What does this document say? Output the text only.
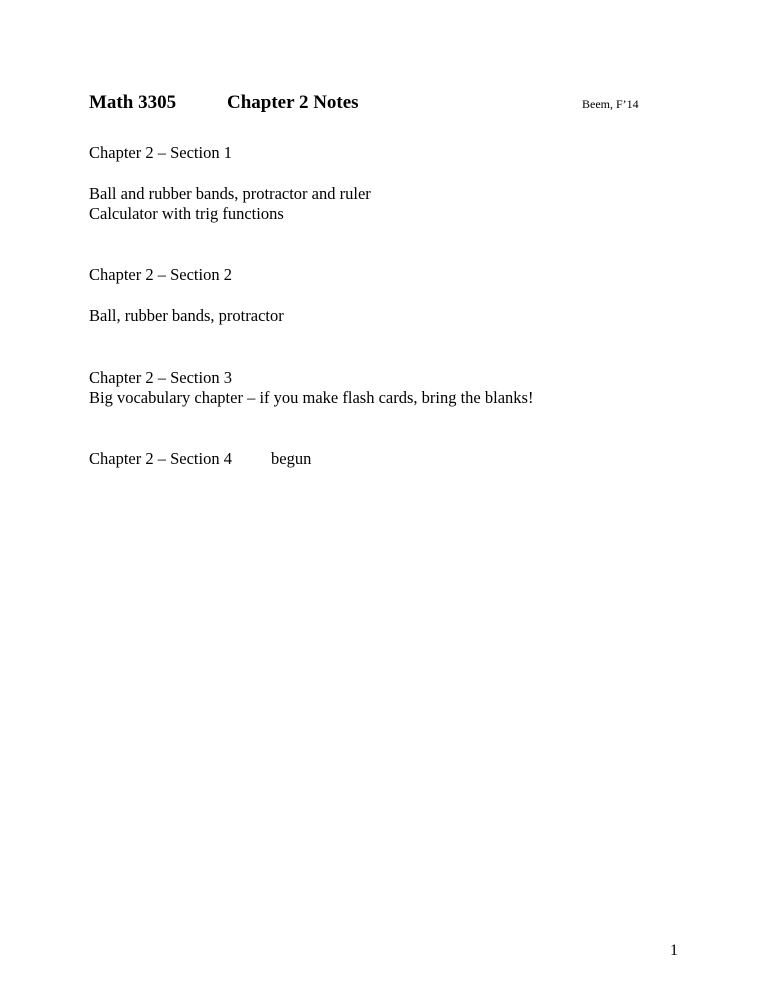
Math 3305	Chapter 2 Notes	Beem, F’14
Chapter 2 – Section 1
Ball and rubber bands, protractor and ruler
Calculator with trig functions
Chapter 2 – Section 2
Ball, rubber bands, protractor
Chapter 2 – Section 3
Big vocabulary chapter – if you make flash cards, bring the blanks!
Chapter 2 – Section 4 begun
1
